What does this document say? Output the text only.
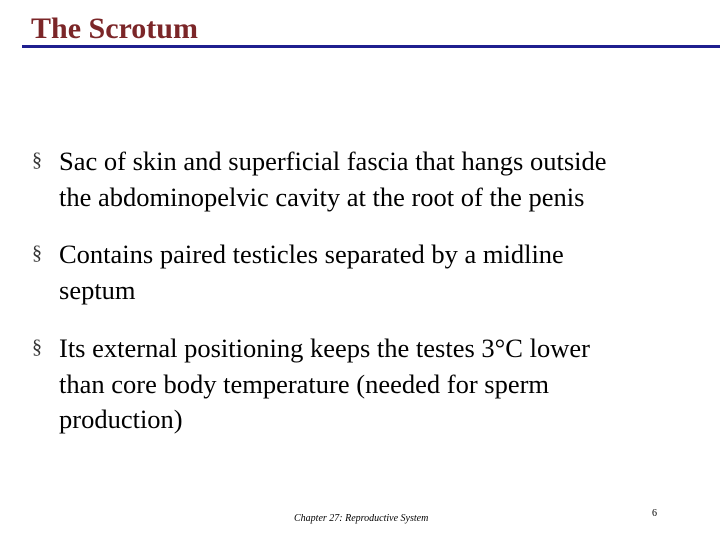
The Scrotum
§

Sac of skin and superficial fascia that hangs outside
the abdominopelvic cavity at the root of the penis

§

Contains paired testicles separated by a midline
septum

§

Its external positioning keeps the testes 3°C lower
than core body temperature (needed for sperm
production)

Chapter 27: Reproductive System	6
